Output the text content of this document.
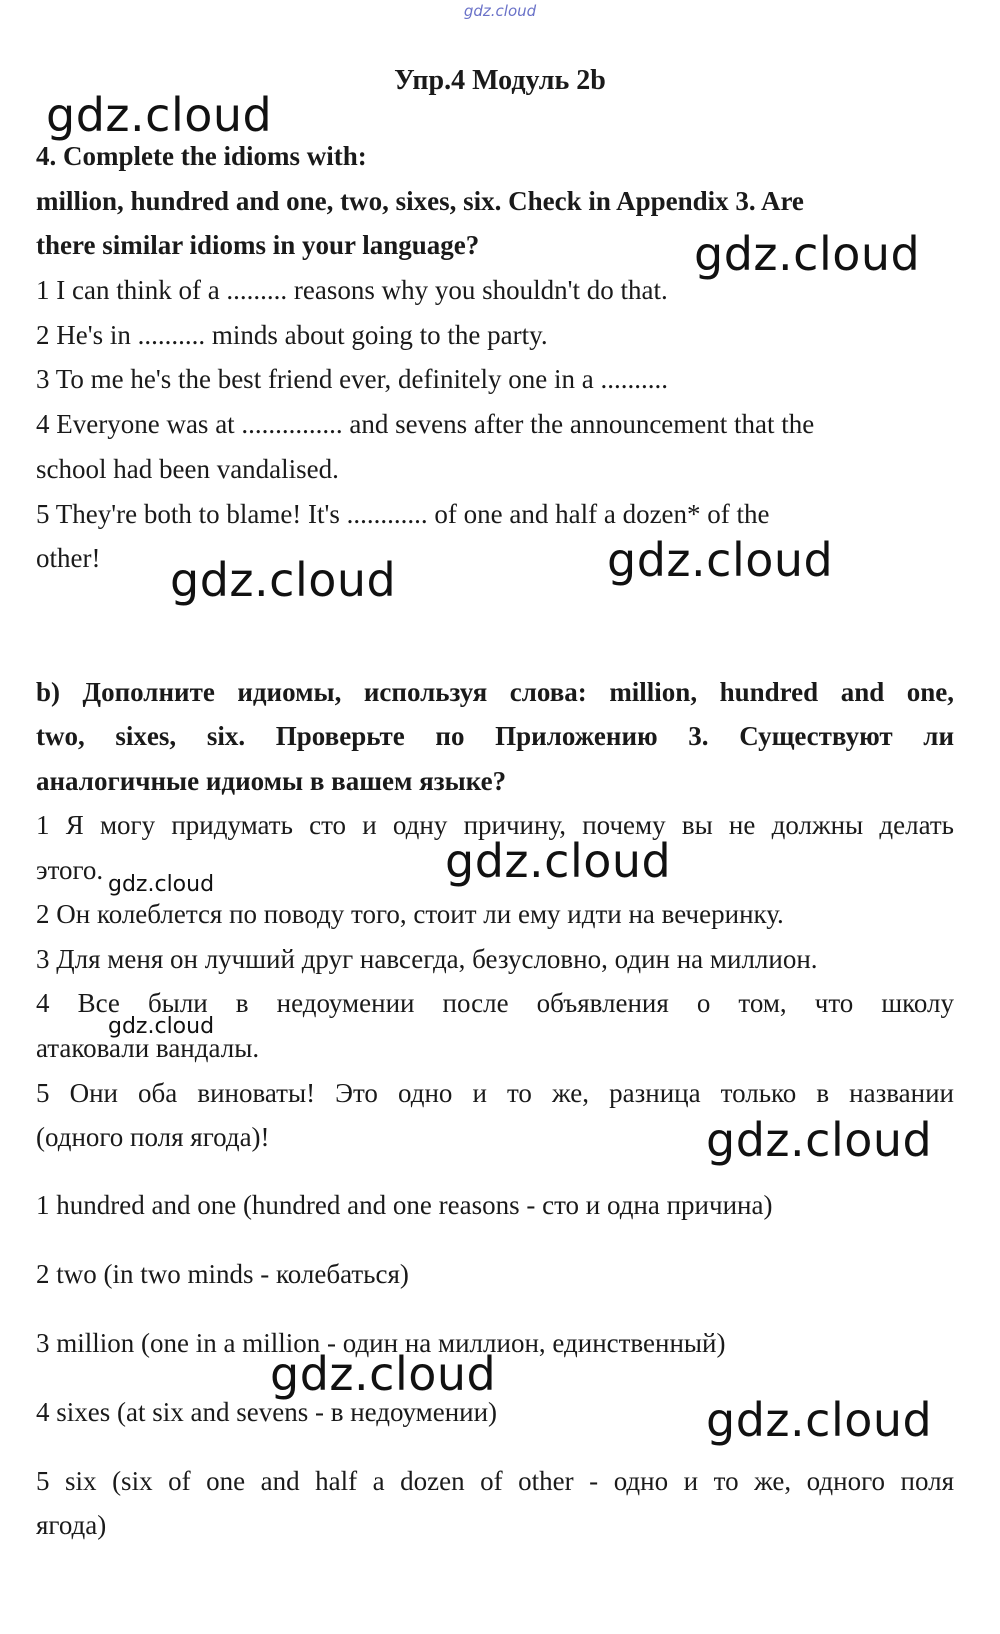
gdz.cloud
Упр.4 Модуль 2b
4. Complete the idioms with:
million, hundred and one, two, sixes, six. Check in Appendix 3. Are
there similar idioms in your language?
1 I can think of a ......... reasons why you shouldn't do that.
2 He's in .......... minds about going to the party.
3 To me he's the best friend ever, definitely one in a ..........
4 Everyone was at ............... and sevens after the announcement that the
school had been vandalised.
5 They're both to blame! It's ............ of one and half a dozen* of the
other!
b) Дополните идиомы, используя слова: million, hundred and one,
two, sixes, six. Проверьте по Приложению 3. Существуют ли
аналогичные идиомы в вашем языке?
1 Я могу придумать сто и одну причину, почему вы не должны делать
этого.
2 Он колеблется по поводу того, стоит ли ему идти на вечеринку.
3 Для меня он лучший друг навсегда, безусловно, один на миллион.
4 Все были в недоумении после объявления о том, что школу
атаковали вандалы.
5 Они оба виноваты! Это одно и то же, разница только в названии
(одного поля ягода)!
1 hundred and one (hundred and one reasons - сто и одна причина)
2 two (in two minds - колебаться)
3 million (one in a million - один на миллион, единственный)
4 sixes (at six and sevens - в недоумении)
5 six (six of one and half a dozen of other - одно и то же, одного поля
ягода)
gdz.cloud
gdz.cloud
gdz.cloud
gdz.cloud
gdz.cloud
gdz.cloud
gdz.cloud
gdz.cloud
gdz.cloud
gdz.cloud
